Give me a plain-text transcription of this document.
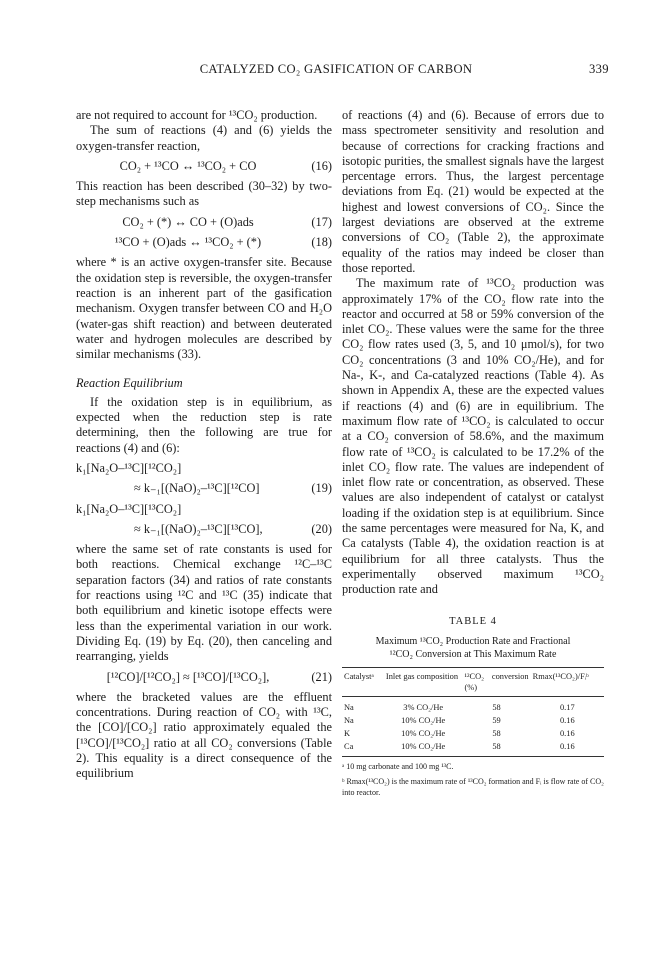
CATALYZED CO₂ GASIFICATION OF CARBON	339

are not required to account for ¹³CO₂ production.

The sum of reactions (4) and (6) yields the oxygen-transfer reaction,

CO₂ + ¹³CO ↔ ¹³CO₂ + CO	(16)

This reaction has been described (30–32) by two-step mechanisms such as

CO₂ + (*) ↔ CO + (O)ads	(17)
¹³CO + (O)ads ↔ ¹³CO₂ + (*)	(18)

where * is an active oxygen-transfer site. Because the oxidation step is reversible, the oxygen-transfer reaction is an inherent part of the gasification mechanism. Oxygen transfer between CO and H₂O (water-gas shift reaction) and between deuterated water and hydrogen molecules are described by similar mechanisms (33).

Reaction Equilibrium

If the oxidation step is in equilibrium, as expected when the reduction step is rate determining, then the following are true for reactions (4) and (6):

k₁[Na₂O–¹³C][¹²CO₂]
≈ k₋₁[(NaO)₂–¹³C][¹²CO]	(19)
k₁[Na₂O–¹³C][¹³CO₂]
≈ k₋₁[(NaO)₂–¹³C][¹³CO],	(20)

where the same set of rate constants is used for both reactions. Chemical exchange ¹²C–¹³C separation factors (34) and ratios of rate constants for reactions using ¹²C and ¹³C (35) indicate that both equilibrium and kinetic isotope effects were less than the experimental variation in our work. Dividing Eq. (19) by Eq. (20), then canceling and rearranging, yields

[¹²CO]/[¹²CO₂] ≈ [¹³CO]/[¹³CO₂],	(21)

where the bracketed values are the effluent concentrations. During reaction of CO₂ with ¹³C, the [CO]/[CO₂] ratio approximately equaled the [¹³CO]/[¹³CO₂] ratio at all CO₂ conversions (Table 2). This equality is a direct consequence of the equilibrium

of reactions (4) and (6). Because of errors due to mass spectrometer sensitivity and resolution and because of corrections for cracking fractions and isotopic purities, the smallest signals have the largest percentage errors. Thus, the largest percentage deviations from Eq. (21) would be expected at the highest and lowest conversions of CO₂. Since the largest deviations are observed at the extreme conversions of CO₂ (Table 2), the approximate equality of the ratios may indeed be closer than those reported.

The maximum rate of ¹³CO₂ production was approximately 17% of the CO₂ flow rate into the reactor and occurred at 58 or 59% conversion of the inlet CO₂. These values were the same for the three CO₂ flow rates used (3, 5, and 10 μmol/s), for two CO₂ concentrations (3 and 10% CO₂/He), and for Na-, K-, and Ca-catalyzed reactions (Table 4). As shown in Appendix A, these are the expected values if reactions (4) and (6) are in equilibrium. The maximum flow rate of ¹³CO₂ is calculated to occur at a CO₂ conversion of 58.6%, and the maximum flow rate of ¹³CO₂ is calculated to be 17.2% of the inlet CO₂ flow rate. The values are independent of inlet flow rate or concentration, as observed. These values are also independent of catalyst or catalyst loading if the oxidation step is at equilibrium. Since the same percentages were measured for Na, K, and Ca catalysts (Table 4), the oxidation reaction is at equilibrium for all three catalysts. Thus the experimentally observed maximum ¹³CO₂ production rate and

TABLE 4
Maximum ¹³CO₂ Production Rate and Fractional
¹²CO₂ Conversion at This Maximum Rate
Catalystᵃ	Inlet gas composition	¹²CO₂ conversion (%)	Rmax(¹³CO₂)/Fᵢᵇ
Na	3% CO₂/He	58	0.17
Na	10% CO₂/He	59	0.16
K	10% CO₂/He	58	0.16
Ca	10% CO₂/He	58	0.16
ᵃ 10 mg carbonate and 100 mg ¹³C.
ᵇ Rmax(¹³CO₂) is the maximum rate of ¹³CO₂ formation and Fᵢ is flow rate of CO₂ into reactor.
